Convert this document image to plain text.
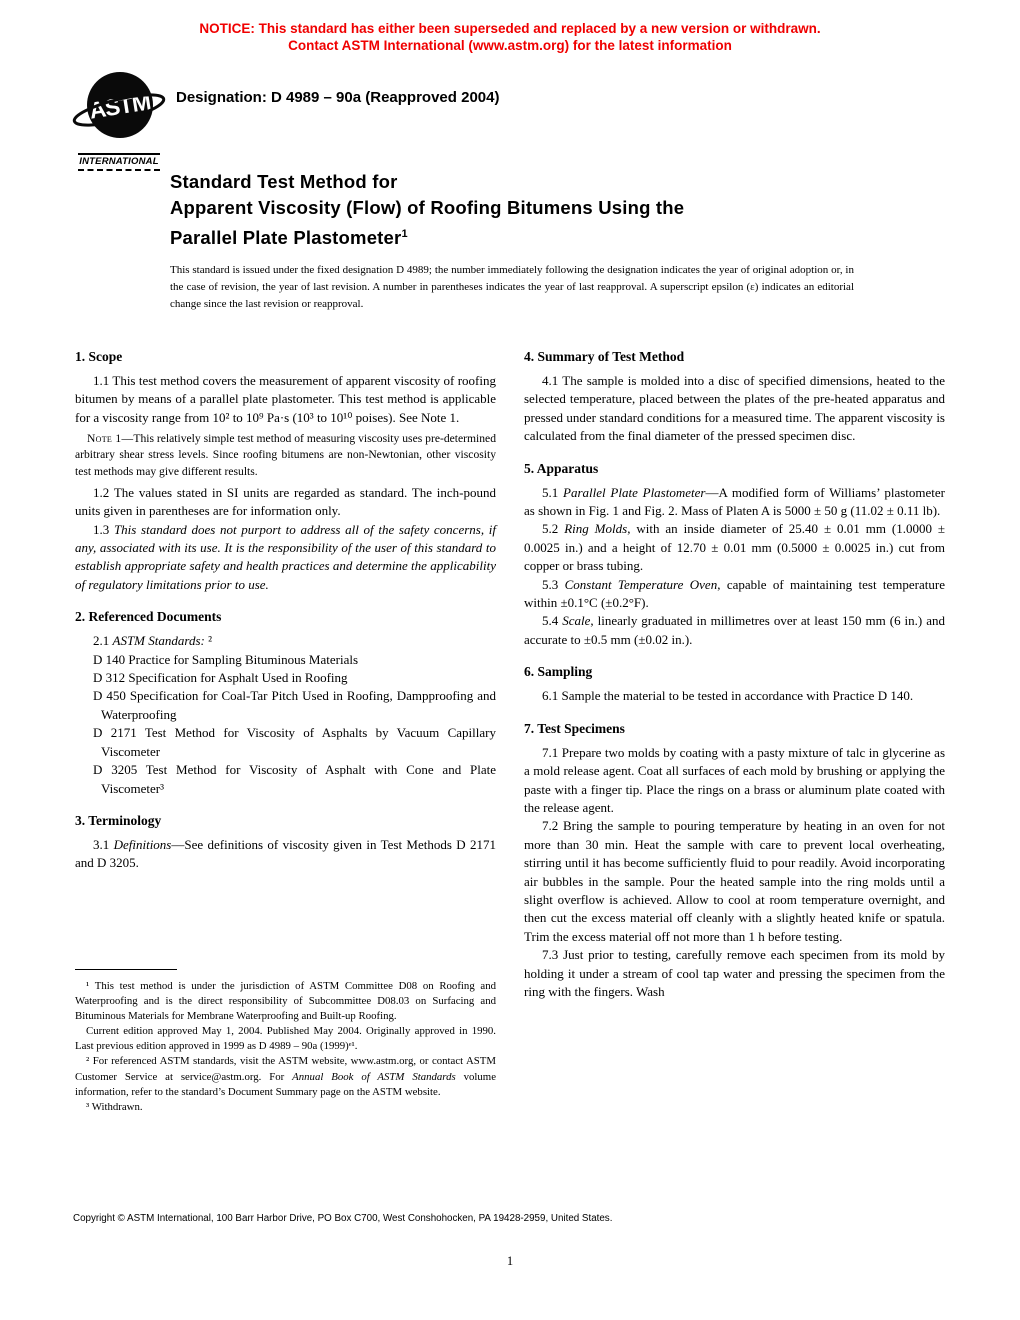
NOTICE: This standard has either been superseded and replaced by a new version or withdrawn.
Contact ASTM International (www.astm.org) for the latest information
ASTM
INTERNATIONAL
Designation: D 4989 – 90a (Reapproved 2004)
Standard Test Method for
Apparent Viscosity (Flow) of Roofing Bitumens Using the
Parallel Plate Plastometer$^1$

This standard is issued under the fixed designation D 4989; the number immediately following the designation indicates the year of original adoption or, in the case of revision, the year of last revision. A number in parentheses indicates the year of last reapproval. A superscript epsilon (ε) indicates an editorial change since the last revision or reapproval.

1. Scope

1.1 This test method covers the measurement of apparent viscosity of roofing bitumen by means of a parallel plate plastometer. This test method is applicable for a viscosity range from 10² to 10⁹ Pa·s (10³ to 10¹⁰ poises). See Note 1.

Note 1—This relatively simple test method of measuring viscosity uses pre-determined arbitrary shear stress levels. Since roofing bitumens are non-Newtonian, other viscosity test methods may give different results.

1.2 The values stated in SI units are regarded as standard. The inch-pound units given in parentheses are for information only.

1.3 This standard does not purport to address all of the safety concerns, if any, associated with its use. It is the responsibility of the user of this standard to establish appropriate safety and health practices and determine the applicability of regulatory limitations prior to use.

2. Referenced Documents

2.1 ASTM Standards: ²

D 140 Practice for Sampling Bituminous Materials

D 312 Specification for Asphalt Used in Roofing

D 450 Specification for Coal-Tar Pitch Used in Roofing, Dampproofing and Waterproofing

D 2171 Test Method for Viscosity of Asphalts by Vacuum Capillary Viscometer

D 3205 Test Method for Viscosity of Asphalt with Cone and Plate Viscometer³

3. Terminology

3.1 Definitions—See definitions of viscosity given in Test Methods D 2171 and D 3205.

4. Summary of Test Method

4.1 The sample is molded into a disc of specified dimensions, heated to the selected temperature, placed between the plates of the pre-heated apparatus and pressed under standard conditions for a measured time. The apparent viscosity is calculated from the final diameter of the pressed specimen disc.

5. Apparatus

5.1 Parallel Plate Plastometer—A modified form of Williams’ plastometer as shown in Fig. 1 and Fig. 2. Mass of Platen A is 5000 ± 50 g (11.02 ± 0.11 lb).

5.2 Ring Molds, with an inside diameter of 25.40 ± 0.01 mm (1.0000 ± 0.0025 in.) and a height of 12.70 ± 0.01 mm (0.5000 ± 0.0025 in.) cut from copper or brass tubing.

5.3 Constant Temperature Oven, capable of maintaining test temperature within ±0.1°C (±0.2°F).

5.4 Scale, linearly graduated in millimetres over at least 150 mm (6 in.) and accurate to ±0.5 mm (±0.02 in.).

6. Sampling

6.1 Sample the material to be tested in accordance with Practice D 140.

7. Test Specimens

7.1 Prepare two molds by coating with a pasty mixture of talc in glycerine as a mold release agent. Coat all surfaces of each mold by brushing or applying the paste with a finger tip. Place the rings on a brass or aluminum plate coated with the release agent.

7.2 Bring the sample to pouring temperature by heating in an oven for not more than 30 min. Heat the sample with care to prevent local overheating, stirring until it has become sufficiently fluid to pour readily. Avoid incorporating air bubbles in the sample. Pour the heated sample into the ring molds until a slight overflow is achieved. Allow to cool at room temperature overnight, and then cut the excess material off cleanly with a slightly heated knife or spatula. Trim the excess material off not more than 1 h before testing.

7.3 Just prior to testing, carefully remove each specimen from its mold by holding it under a stream of cool tap water and pressing the specimen from the ring with the fingers. Wash

¹ This test method is under the jurisdiction of ASTM Committee D08 on Roofing and Waterproofing and is the direct responsibility of Subcommittee D08.03 on Surfacing and Bituminous Materials for Membrane Waterproofing and Built-up Roofing.

Current edition approved May 1, 2004. Published May 2004. Originally approved in 1990. Last previous edition approved in 1999 as D 4989 – 90a (1999)ᵉ¹.

² For referenced ASTM standards, visit the ASTM website, www.astm.org, or contact ASTM Customer Service at service@astm.org. For Annual Book of ASTM Standards volume information, refer to the standard’s Document Summary page on the ASTM website.

³ Withdrawn.

Copyright © ASTM International, 100 Barr Harbor Drive, PO Box C700, West Conshohocken, PA 19428-2959, United States.
1
